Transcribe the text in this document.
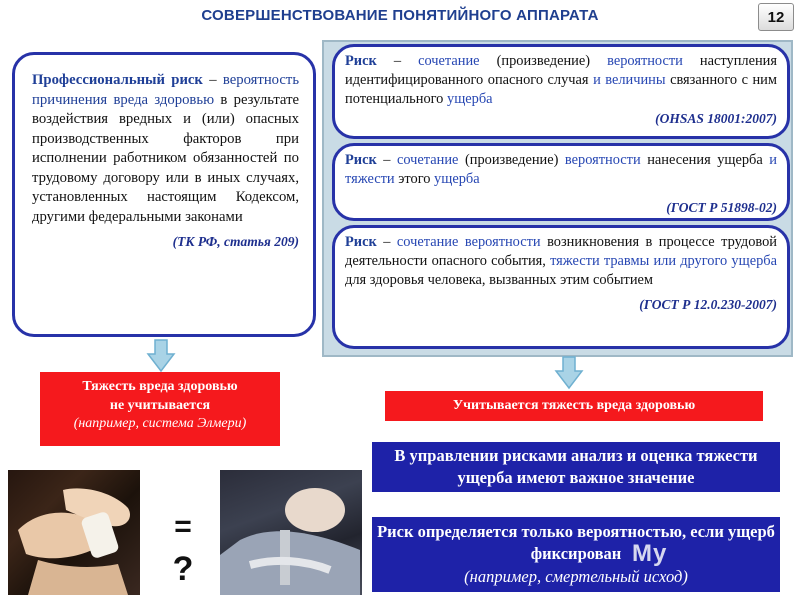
СОВЕРШЕНСТВОВАНИЕ ПОНЯТИЙНОГО АППАРАТА	12
Профессиональный риск – вероятность причинения вреда здоровью в результате воздействия вредных и (или) опасных производственных факторов при исполнении работником обязанностей по трудовому договору или в иных случаях, установленных настоящим Кодексом, другими федеральными законами
(ТК РФ, статья 209)
Риск – сочетание (произведение) вероятности наступления идентифицированного опасного случая и величины связанного с ним потенциального ущерба
(OHSAS 18001:2007)
Риск – сочетание (произведение) вероятности нанесения ущерба и тяжести этого ущерба
(ГОСТ Р 51898-02)
Риск – сочетание вероятности возникновения в процессе трудовой деятельности опасного события, тяжести травмы или другого ущерба для здоровья человека, вызванных этим событием
(ГОСТ Р 12.0.230-2007)
Тяжесть вреда здоровью
не учитывается
(например, система Элмери)
Учитывается тяжесть вреда здоровью
В управлении рисками анализ и оценка тяжести ущерба имеют важное значение
Риск определяется только вероятностью, если ущерб фиксирован
(например, смертельный исход)
Мy
=
?
